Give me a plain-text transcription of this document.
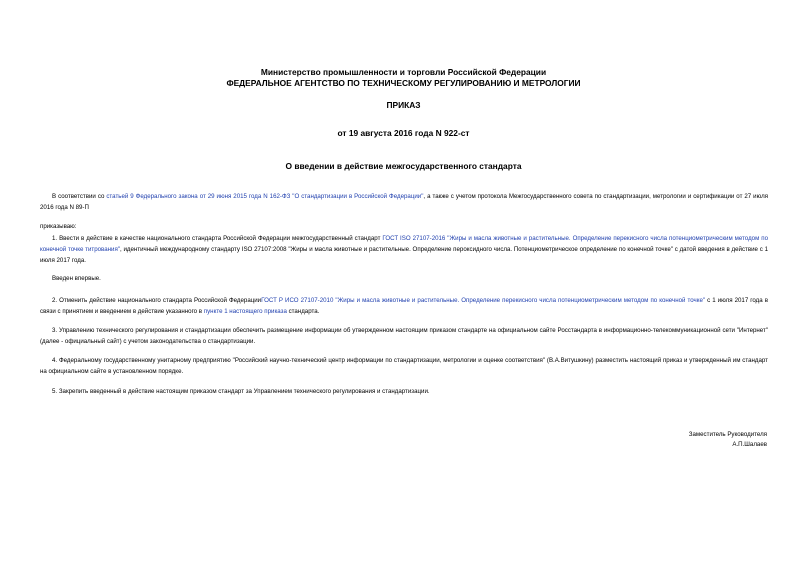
Министерство промышленности и торговли Российской Федерации
ФЕДЕРАЛЬНОЕ АГЕНТСТВО ПО ТЕХНИЧЕСКОМУ РЕГУЛИРОВАНИЮ И МЕТРОЛОГИИ
ПРИКАЗ
от 19 августа 2016 года N 922-ст
О введении в действие межгосударственного стандарта
В соответствии со статьей 9 Федерального закона от 29 июня 2015 года N 162-ФЗ "О стандартизации в Российской Федерации", а также с учетом протокола Межгосударственного совета по стандартизации, метрологии и сертификации от 27 июля 2016 года N 89-П
приказываю:
1. Ввести в действие в качестве национального стандарта Российской Федерации межгосударственный стандарт ГОСТ ISO 27107-2016 "Жиры и масла животные и растительные. Определение перекисного числа потенциометрическим методом по конечной точке титрования", идентичный международному стандарту ISO 27107:2008 "Жиры и масла животные и растительные. Определение пероксидного числа. Потенциометрическое определение по конечной точке" с датой введения в действие с 1 июля 2017 года.
Введен впервые.
2. Отменить действие национального стандарта Российской ФедерацииГОСТ Р ИСО 27107-2010 "Жиры и масла животные и растительные. Определение перекисного числа потенциометрическим методом по конечной точке" с 1 июля 2017 года в связи с принятием и введением в действие указанного в пункте 1 настоящего приказа стандарта.
3. Управлению технического регулирования и стандартизации обеспечить размещение информации об утвержденном настоящим приказом стандарте на официальном сайте Росстандарта в информационно-телекоммуникационной сети "Интернет" (далее - официальный сайт) с учетом законодательства о стандартизации.
4. Федеральному государственному унитарному предприятию "Российский научно-технический центр информации по стандартизации, метрологии и оценке соответствия" (В.А.Витушкину) разместить настоящий приказ и утвержденный им стандарт на официальном сайте в установленном порядке.
5. Закрепить введенный в действие настоящим приказом стандарт за Управлением технического регулирования и стандартизации.
Заместитель Руководителя
А.П.Шалаев
